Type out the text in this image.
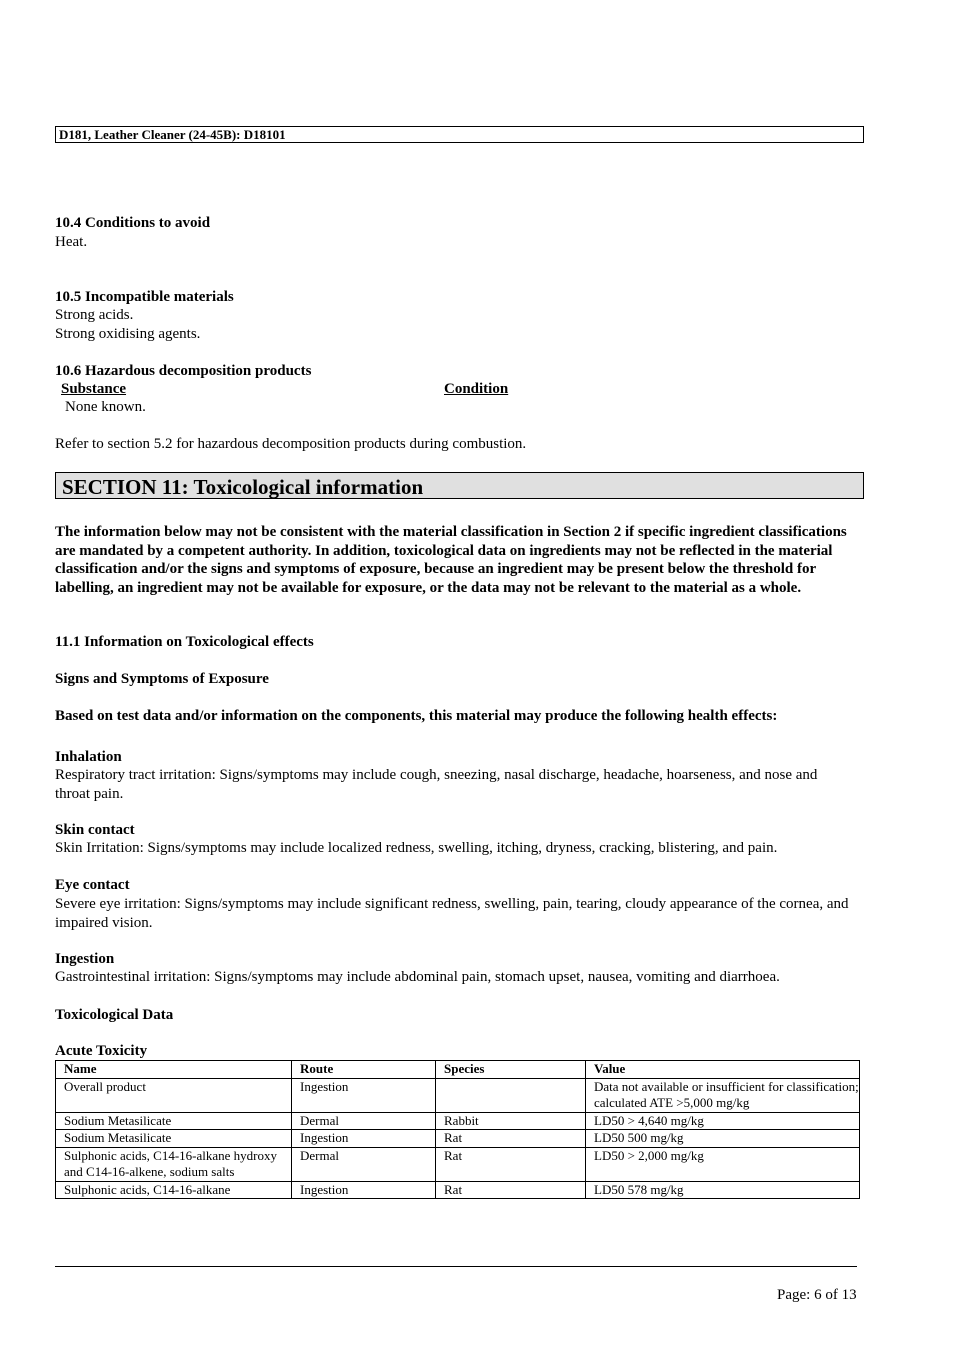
D181, Leather Cleaner (24-45B): D18101
10.4 Conditions to avoid
Heat.
10.5 Incompatible materials
Strong acids.
Strong oxidising agents.
10.6 Hazardous decomposition products
Substance	Condition
None known.
Refer to section 5.2 for hazardous decomposition products during combustion.
SECTION 11: Toxicological information
The information below may not be consistent with the material classification in Section 2 if specific ingredient classifications are mandated by a competent authority. In addition, toxicological data on ingredients may not be reflected in the material classification and/or the signs and symptoms of exposure, because an ingredient may be present below the threshold for labelling, an ingredient may not be available for exposure, or the data may not be relevant to the material as a whole.
11.1 Information on Toxicological effects
Signs and Symptoms of Exposure
Based on test data and/or information on the components, this material may produce the following health effects:
Inhalation
Respiratory tract irritation: Signs/symptoms may include cough, sneezing, nasal discharge, headache, hoarseness, and nose and throat pain.
Skin contact
Skin Irritation: Signs/symptoms may include localized redness, swelling, itching, dryness, cracking, blistering, and pain.
Eye contact
Severe eye irritation: Signs/symptoms may include significant redness, swelling, pain, tearing, cloudy appearance of the cornea, and impaired vision.
Ingestion
Gastrointestinal irritation: Signs/symptoms may include abdominal pain, stomach upset, nausea, vomiting and diarrhoea.
Toxicological Data
Acute Toxicity
Name	Route	Species	Value
Overall product	Ingestion		Data not available or insufficient for classification; calculated ATE >5,000 mg/kg
Sodium Metasilicate	Dermal	Rabbit	LD50 > 4,640 mg/kg
Sodium Metasilicate	Ingestion	Rat	LD50 500 mg/kg
Sulphonic acids, C14-16-alkane hydroxy and C14-16-alkene, sodium salts	Dermal	Rat	LD50 > 2,000 mg/kg
Sulphonic acids, C14-16-alkane	Ingestion	Rat	LD50 578 mg/kg
Page: 6 of 13
